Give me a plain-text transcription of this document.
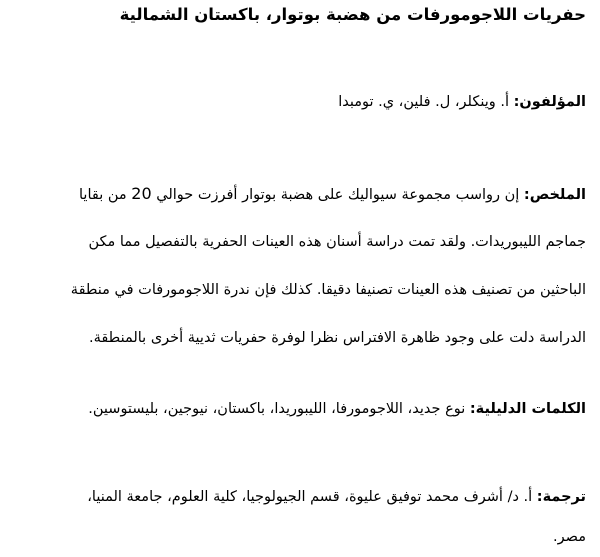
حفريات اللاجومورفات من هضبة بوتوار، باكستان الشمالية

المؤلفون: أ. وينكلر، ل. فلين، ي. تومبدا

الملخص: إن رواسب مجموعة سيواليك على هضبة بوتوار أفرزت حوالي 20 من بقايا
جماجم الليبوريدات. ولقد تمت دراسة أسنان هذه العينات الحفرية بالتفصيل مما مكن
الباحثين من تصنيف هذه العينات تصنيفا دقيقا. كذلك فإن ندرة اللاجومورفات في منطقة
الدراسة دلت على وجود ظاهرة الافتراس نظرا لوفرة حفريات ثديية أخرى بالمنطقة.

الكلمات الدليلية: نوع جديد، اللاجومورفا، الليبوريدا، باكستان، نيوجين، بليستوسين.

ترجمة: أ. د/ أشرف محمد توفيق عليوة، قسم الجيولوجيا، كلية العلوم، جامعة المنيا،
مصر.
